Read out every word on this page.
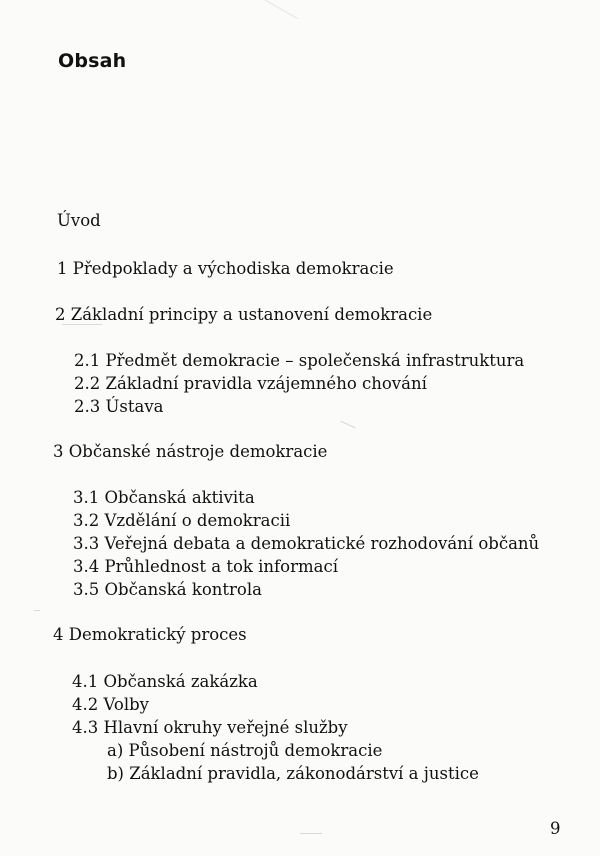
Obsah
Úvod
1 Předpoklady a východiska demokracie
2 Základní principy a ustanovení demokracie
2.1 Předmět demokracie – společenská infrastruktura
2.2 Základní pravidla vzájemného chování
2.3 Ústava
3 Občanské nástroje demokracie
3.1 Občanská aktivita
3.2 Vzdělání o demokracii
3.3 Veřejná debata a demokratické rozhodování občanů
3.4 Průhlednost a tok informací
3.5 Občanská kontrola
4 Demokratický proces
4.1 Občanská zakázka
4.2 Volby
4.3 Hlavní okruhy veřejné služby
a) Působení nástrojů demokracie
b) Základní pravidla, zákonodárství a justice
9
